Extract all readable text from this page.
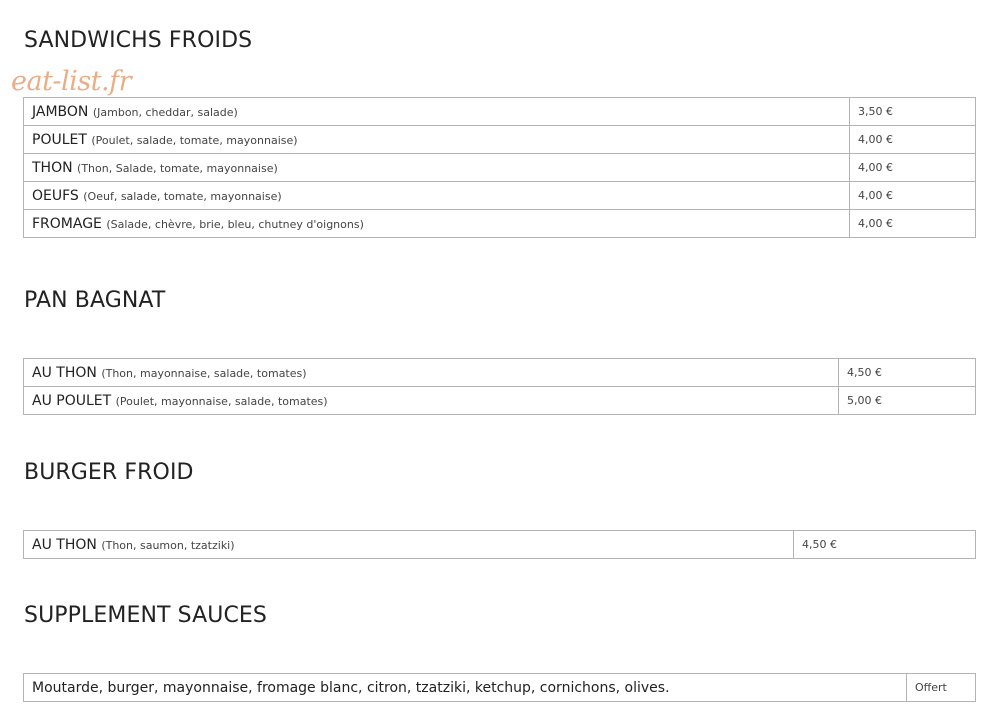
eat-list.fr
SANDWICHS FROIDS
JAMBON (Jambon, cheddar, salade)	3,50 €
POULET (Poulet, salade, tomate, mayonnaise)	4,00 €
THON (Thon, Salade, tomate, mayonnaise)	4,00 €
OEUFS (Oeuf, salade, tomate, mayonnaise)	4,00 €
FROMAGE (Salade, chèvre, brie, bleu, chutney d'oignons)	4,00 €
PAN BAGNAT
AU THON (Thon, mayonnaise, salade, tomates)	4,50 €
AU POULET (Poulet, mayonnaise, salade, tomates)	5,00 €
BURGER FROID
AU THON (Thon, saumon, tzatziki)	4,50 €
SUPPLEMENT SAUCES
Moutarde, burger, mayonnaise, fromage blanc, citron, tzatziki, ketchup, cornichons, olives.	Offert
